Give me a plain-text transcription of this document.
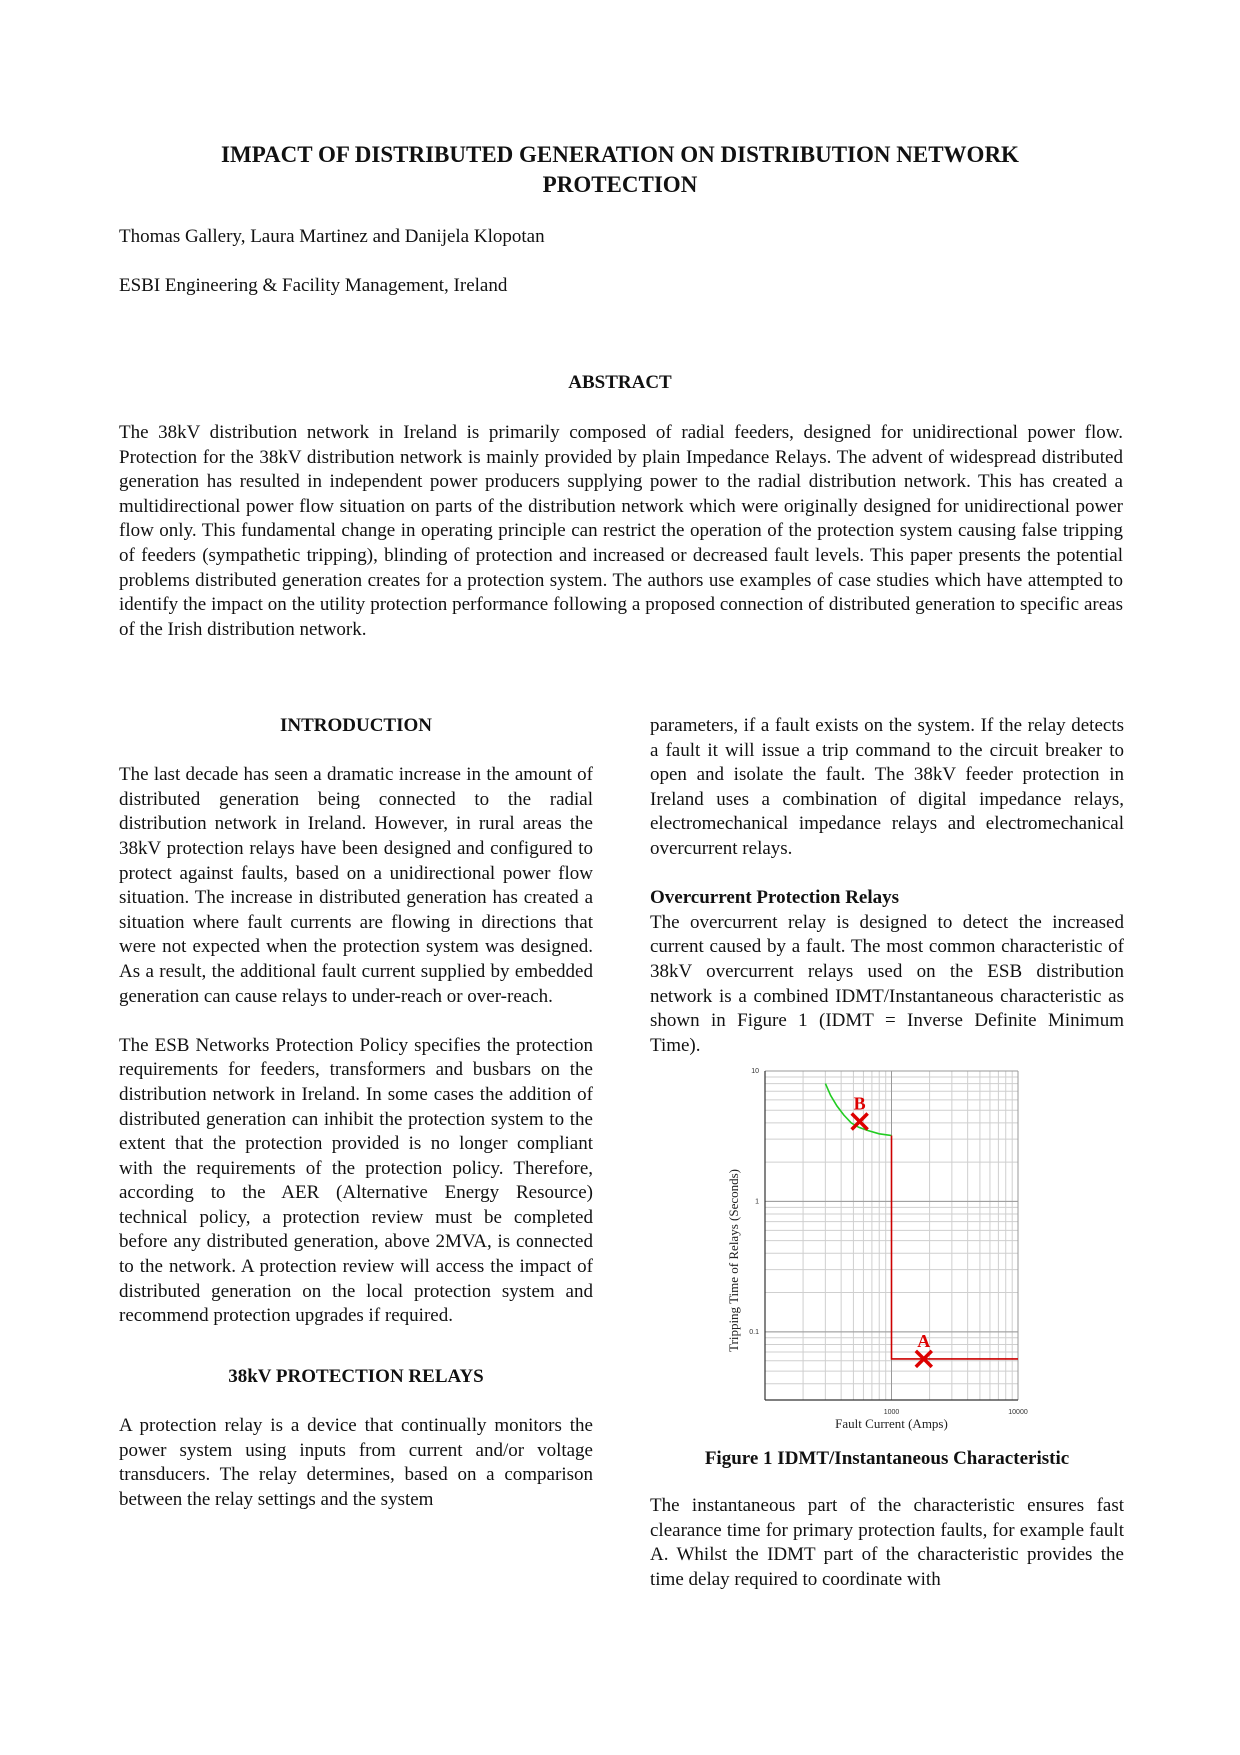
IMPACT OF DISTRIBUTED GENERATION ON DISTRIBUTION NETWORK PROTECTION
Thomas Gallery, Laura Martinez and Danijela Klopotan
ESBI Engineering & Facility Management, Ireland
ABSTRACT

The 38kV distribution network in Ireland is primarily composed of radial feeders, designed for unidirectional power flow. Protection for the 38kV distribution network is mainly provided by plain Impedance Relays. The advent of widespread distributed generation has resulted in independent power producers supplying power to the radial distribution network. This has created a multidirectional power flow situation on parts of the distribution network which were originally designed for unidirectional power flow only. This fundamental change in operating principle can restrict the operation of the protection system causing false tripping of feeders (sympathetic tripping), blinding of protection and increased or decreased fault levels. This paper presents the potential problems distributed generation creates for a protection system. The authors use examples of case studies which have attempted to identify the impact on the utility protection performance following a proposed connection of distributed generation to specific areas of the Irish distribution network.

INTRODUCTION

The last decade has seen a dramatic increase in the amount of distributed generation being connected to the radial distribution network in Ireland. However, in rural areas the 38kV protection relays have been designed and configured to protect against faults, based on a unidirectional power flow situation. The increase in distributed generation has created a situation where fault currents are flowing in directions that were not expected when the protection system was designed. As a result, the additional fault current supplied by embedded generation can cause relays to under-reach or over-reach.

The ESB Networks Protection Policy specifies the protection requirements for feeders, transformers and busbars on the distribution network in Ireland. In some cases the addition of distributed generation can inhibit the protection system to the extent that the protection provided is no longer compliant with the requirements of the protection policy. Therefore, according to the AER (Alternative Energy Resource) technical policy, a protection review must be completed before any distributed generation, above 2MVA, is connected to the network. A protection review will access the impact of distributed generation on the local protection system and recommend protection upgrades if required.

38kV PROTECTION RELAYS

A protection relay is a device that continually monitors the power system using inputs from current and/or voltage transducers. The relay determines, based on a comparison between the relay settings and the system

parameters, if a fault exists on the system. If the relay detects a fault it will issue a trip command to the circuit breaker to open and isolate the fault. The 38kV feeder protection in Ireland uses a combination of digital impedance relays, electromechanical impedance relays and electromechanical overcurrent relays.

Overcurrent Protection Relays

The overcurrent relay is designed to detect the increased current caused by a fault. The most common characteristic of 38kV overcurrent relays used on the ESB distribution network is a combined IDMT/Instantaneous characteristic as shown in Figure 1 (IDMT = Inverse Definite Minimum Time).

1000	10000
0.1
1
10
Fault Current (Amps)
Tripping Time of Relays (Seconds)
B
A
Figure 1 IDMT/Instantaneous Characteristic

The instantaneous part of the characteristic ensures fast clearance time for primary protection faults, for example fault A. Whilst the IDMT part of the characteristic provides the time delay required to coordinate with
